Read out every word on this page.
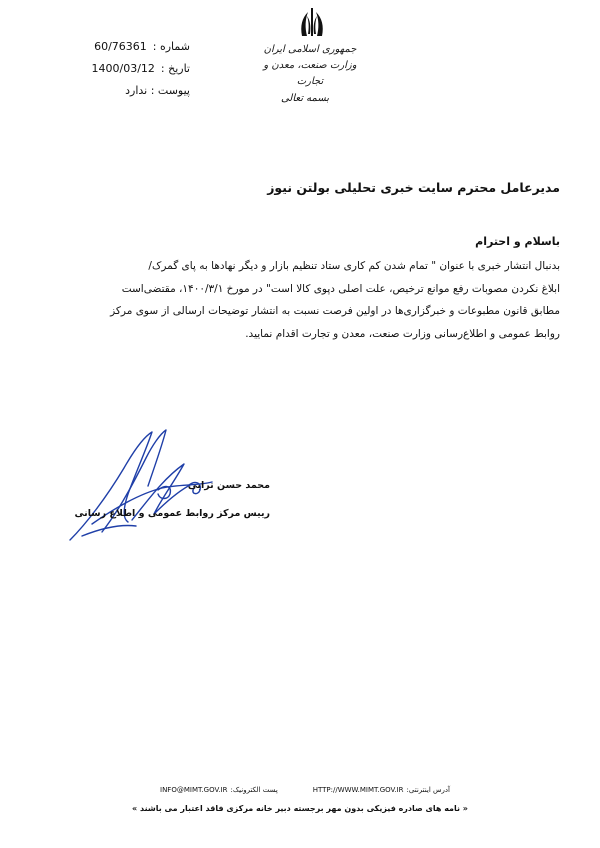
جمهوری اسلامی ایران
وزارت صنعت، معدن و تجارت
بسمه تعالی
شماره :
60/76361
تاریخ :
1400/03/12
پیوست : ندارد
مدیرعامل محترم سایت خبری تحلیلی بولتن نیوز
باسلام و احترام
بدنبال انتشار خبری با عنوان " تمام شدن کم کاری ستاد تنظیم بازار و دیگر نهادها به پای گمرک/
ابلاغ نکردن مصوبات رفع موانع ترخیص، علت اصلی دپوی کالا است" در مورخ ۱۴۰۰/۳/۱، مقتضی‌است
مطابق قانون مطبوعات و خبرگزاری‌ها در اولین فرصت نسبت به انتشار توضیحات ارسالی از سوی مرکز
روابط عمومی و اطلاع‌رسانی وزارت صنعت، معدن و تجارت اقدام نمایید.
محمد حسن ترابی
رییس مرکز روابط عمومی و اطلاع رسانی
پست الکترونیک:
INFO@MIMT.GOV.IR	آدرس اینترنتی:
HTTP://WWW.MIMT.GOV.IR
« نامه های صادره فیزیکی بدون مهر برجسته دبیر خانه مرکزی فاقد اعتبار می باشند »
